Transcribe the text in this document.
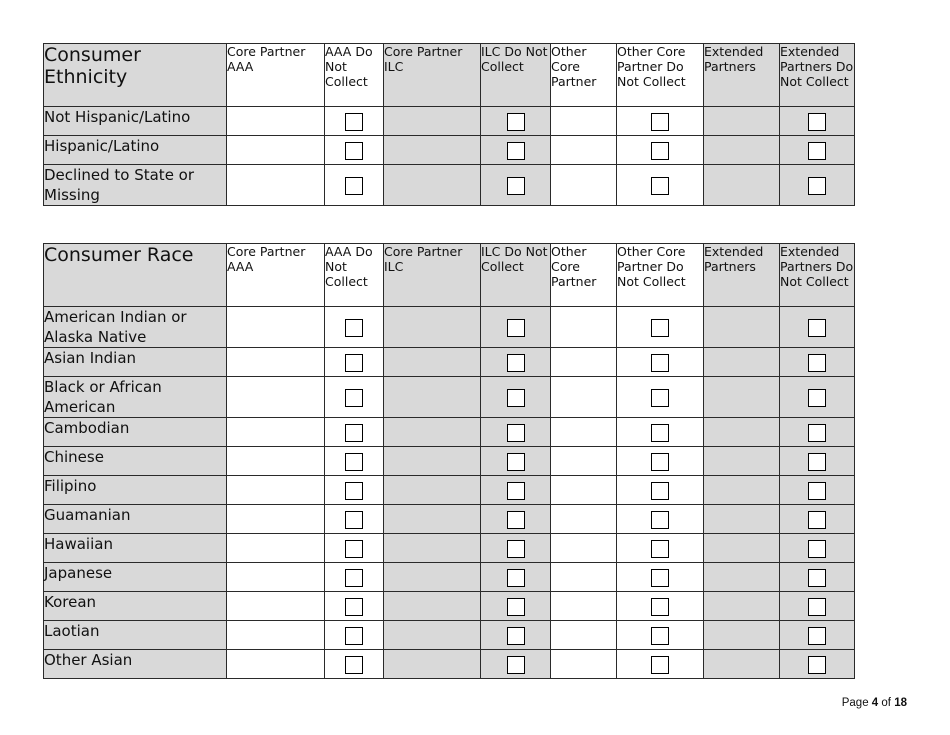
Consumer Ethnicity	Core Partner AAA	AAA Do Not Collect	Core Partner ILC	ILC Do Not Collect	Other Core Partner	Other Core Partner Do Not Collect	Extended Partners	Extended Partners Do Not Collect
Not Hispanic/Latino								
Hispanic/Latino								
Declined to State or Missing								
Consumer Race	Core Partner AAA	AAA Do Not Collect	Core Partner ILC	ILC Do Not Collect	Other Core Partner	Other Core Partner Do Not Collect	Extended Partners	Extended Partners Do Not Collect
American Indian or Alaska Native								
Asian Indian								
Black or African American								
Cambodian								
Chinese								
Filipino								
Guamanian								
Hawaiian								
Japanese								
Korean								
Laotian								
Other Asian								
Page 4 of 18
